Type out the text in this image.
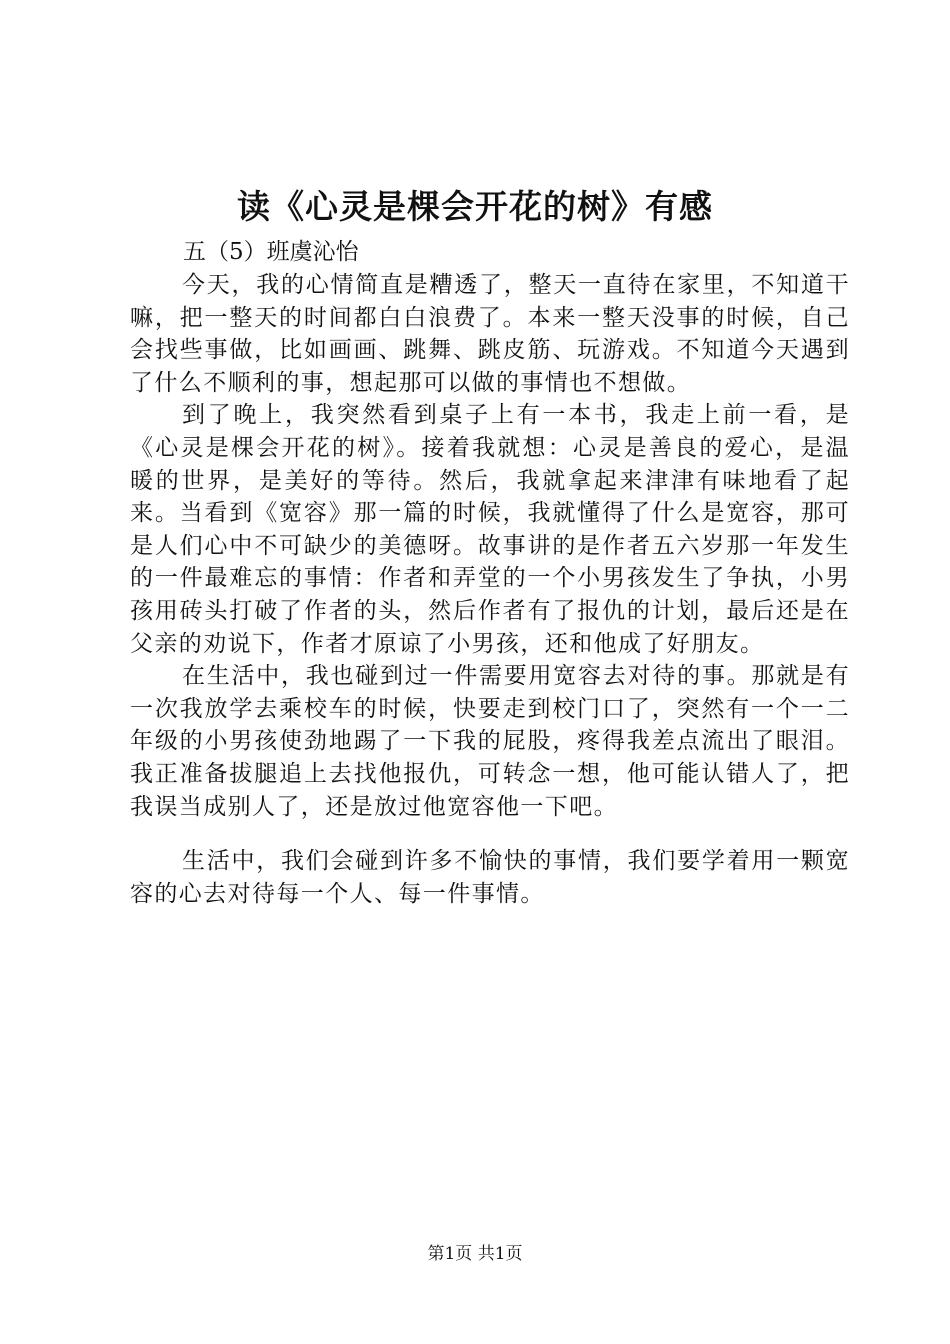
读《心灵是棵会开花的树》有感

五（5）班虞沁怡

今天，我的心情简直是糟透了，整天一直待在家里，不知道干嘛，把一整天的时间都白白浪费了。本来一整天没事的时候，自己会找些事做，比如画画、跳舞、跳皮筋、玩游戏。不知道今天遇到了什么不顺利的事，想起那可以做的事情也不想做。

到了晚上，我突然看到桌子上有一本书，我走上前一看，是《心灵是棵会开花的树》。接着我就想：心灵是善良的爱心，是温暖的世界，是美好的等待。然后，我就拿起来津津有味地看了起来。当看到《宽容》那一篇的时候，我就懂得了什么是宽容，那可是人们心中不可缺少的美德呀。故事讲的是作者五六岁那一年发生的一件最难忘的事情：作者和弄堂的一个小男孩发生了争执，小男孩用砖头打破了作者的头，然后作者有了报仇的计划，最后还是在父亲的劝说下，作者才原谅了小男孩，还和他成了好朋友。

在生活中，我也碰到过一件需要用宽容去对待的事。那就是有一次我放学去乘校车的时候，快要走到校门口了，突然有一个一二年级的小男孩使劲地踢了一下我的屁股，疼得我差点流出了眼泪。我正准备拔腿追上去找他报仇，可转念一想，他可能认错人了，把我误当成别人了，还是放过他宽容他一下吧。

生活中，我们会碰到许多不愉快的事情，我们要学着用一颗宽容的心去对待每一个人、每一件事情。

第1页 共1页
